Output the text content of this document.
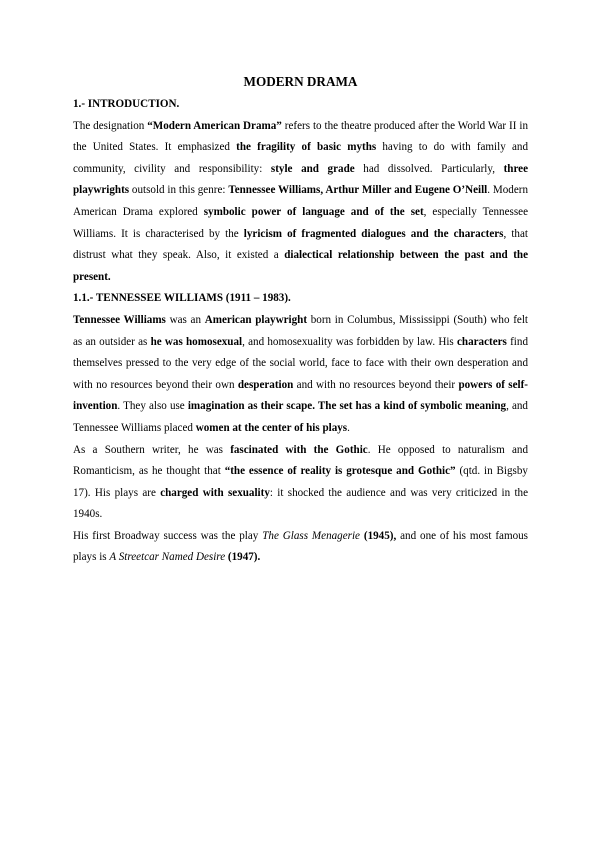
MODERN DRAMA

1.- INTRODUCTION.

The designation “Modern American Drama” refers to the theatre produced after the World War II in the United States. It emphasized the fragility of basic myths having to do with family and community, civility and responsibility: style and grade had dissolved. Particularly, three playwrights outsold in this genre: Tennessee Williams, Arthur Miller and Eugene O’Neill. Modern American Drama explored symbolic power of language and of the set, especially Tennessee Williams. It is characterised by the lyricism of fragmented dialogues and the characters, that distrust what they speak. Also, it existed a dialectical relationship between the past and the present.

1.1.- TENNESSEE WILLIAMS (1911 – 1983).

Tennessee Williams was an American playwright born in Columbus, Mississippi (South) who felt as an outsider as he was homosexual, and homosexuality was forbidden by law. His characters find themselves pressed to the very edge of the social world, face to face with their own desperation and with no resources beyond their own desperation and with no resources beyond their powers of self-invention. They also use imagination as their scape. The set has a kind of symbolic meaning, and Tennessee Williams placed women at the center of his plays.

As a Southern writer, he was fascinated with the Gothic. He opposed to naturalism and Romanticism, as he thought that “the essence of reality is grotesque and Gothic” (qtd. in Bigsby 17). His plays are charged with sexuality: it shocked the audience and was very criticized in the 1940s.

His first Broadway success was the play The Glass Menagerie (1945), and one of his most famous plays is A Streetcar Named Desire (1947).
